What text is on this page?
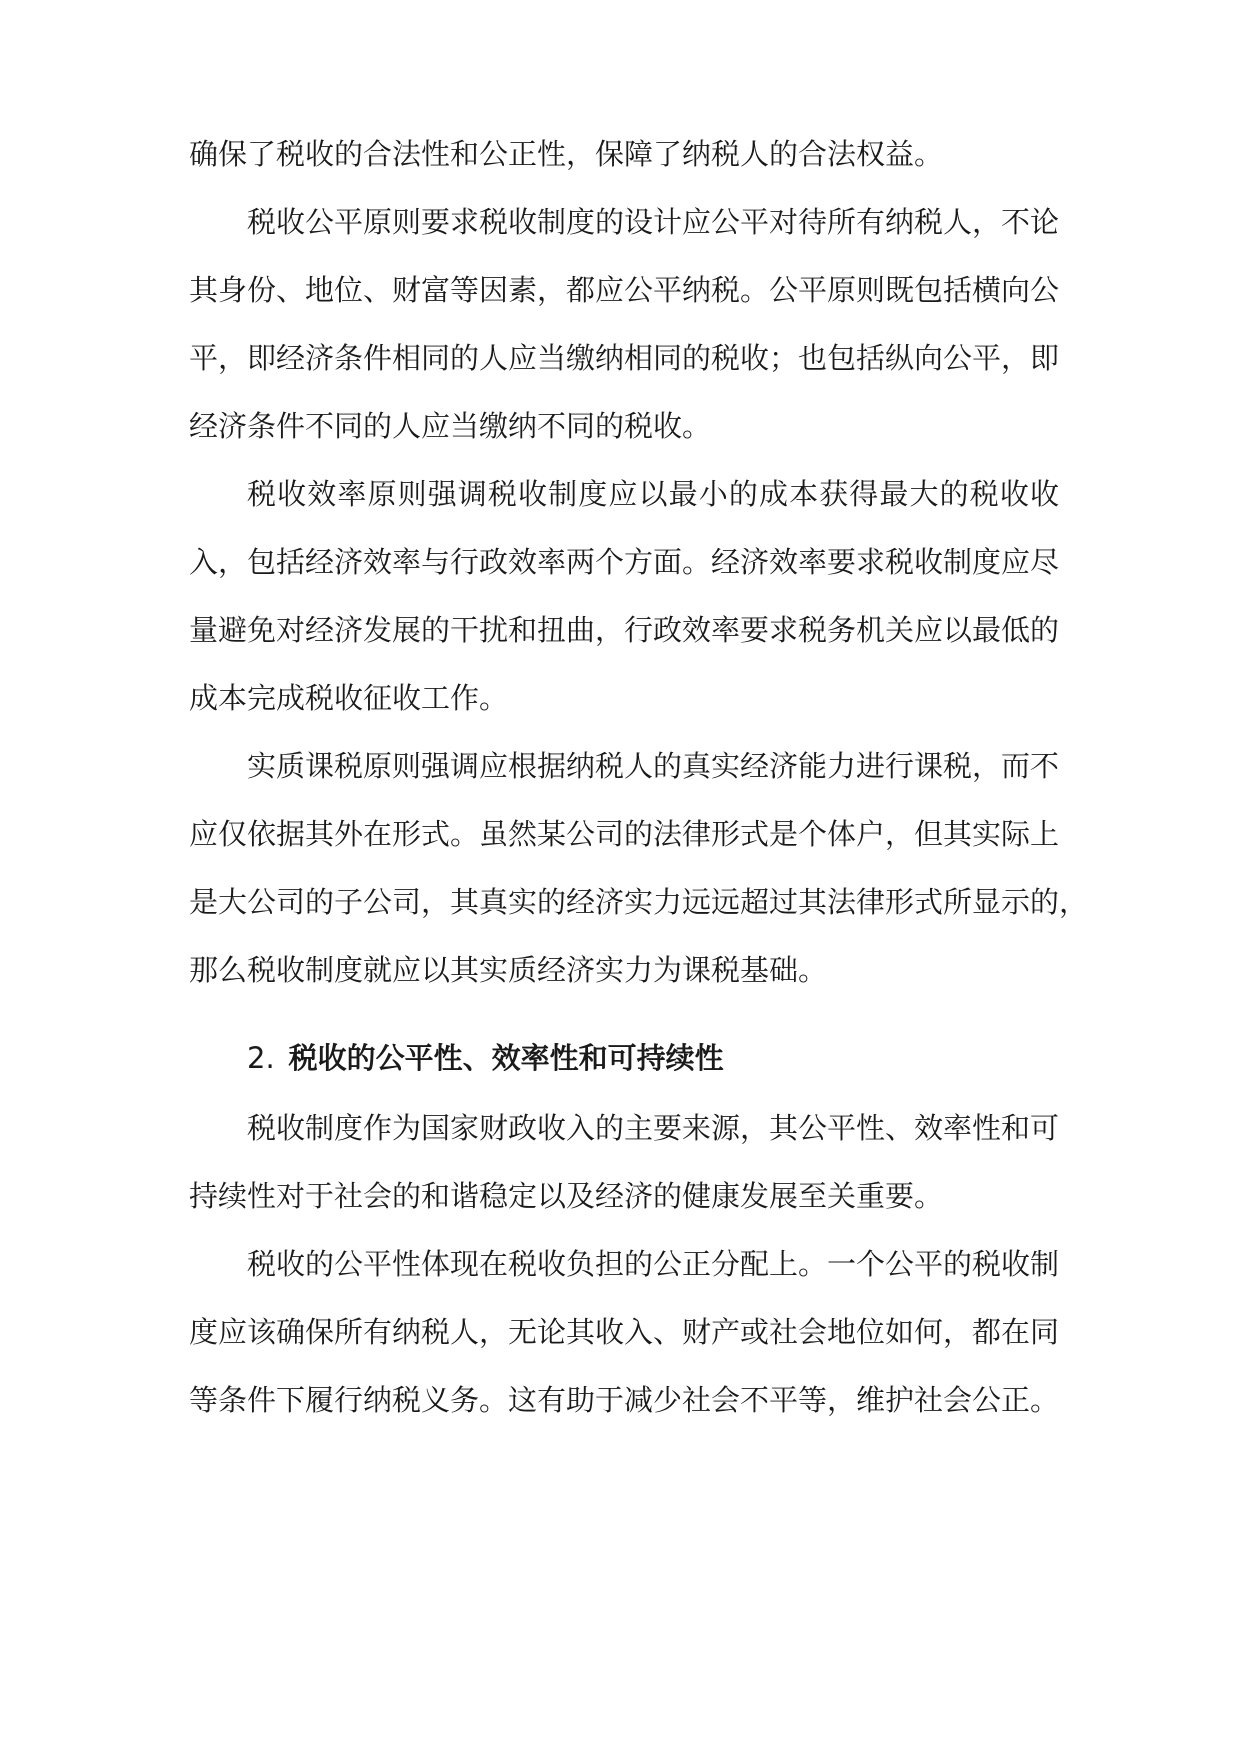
确保了税收的合法性和公正性，保障了纳税人的合法权益。
税收公平原则要求税收制度的设计应公平对待所有纳税人，不论
其身份、地位、财富等因素，都应公平纳税。公平原则既包括横向公
平，即经济条件相同的人应当缴纳相同的税收；也包括纵向公平，即
经济条件不同的人应当缴纳不同的税收。
税收效率原则强调税收制度应以最小的成本获得最大的税收收
入，包括经济效率与行政效率两个方面。经济效率要求税收制度应尽
量避免对经济发展的干扰和扭曲，行政效率要求税务机关应以最低的
成本完成税收征收工作。
实质课税原则强调应根据纳税人的真实经济能力进行课税，而不
应仅依据其外在形式。虽然某公司的法律形式是个体户，但其实际上
是大公司的子公司，其真实的经济实力远远超过其法律形式所显示的，
那么税收制度就应以其实质经济实力为课税基础。
2. 税收的公平性、效率性和可持续性
税收制度作为国家财政收入的主要来源，其公平性、效率性和可
持续性对于社会的和谐稳定以及经济的健康发展至关重要。
税收的公平性体现在税收负担的公正分配上。一个公平的税收制
度应该确保所有纳税人，无论其收入、财产或社会地位如何，都在同
等条件下履行纳税义务。这有助于减少社会不平等，维护社会公正。
